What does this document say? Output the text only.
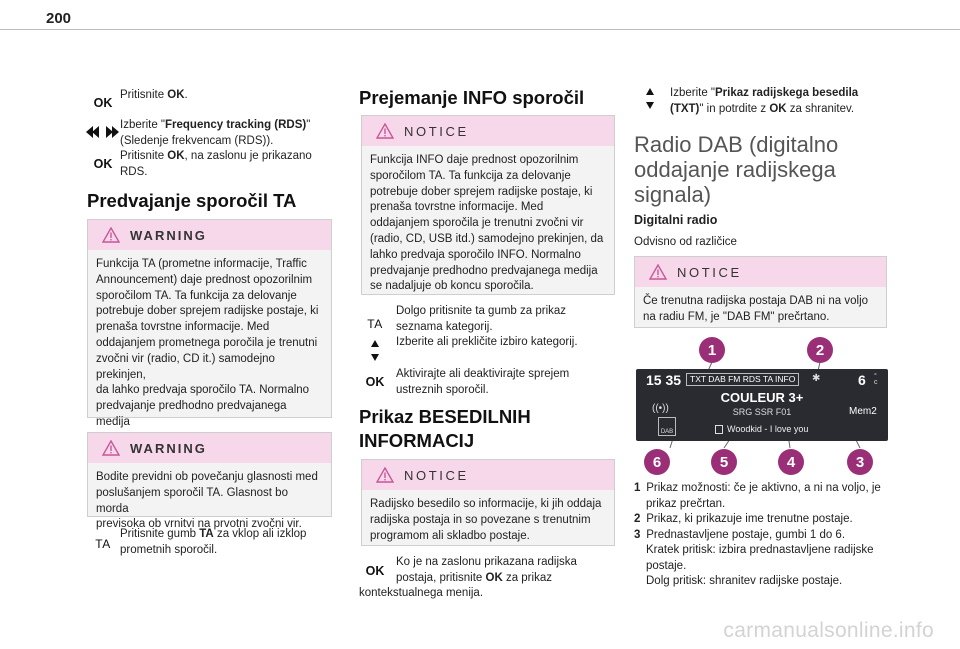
200
OK
Pritisnite OK.
Izberite "Frequency tracking (RDS)"
(Sledenje frekvencam (RDS)).
OK
Pritisnite OK, na zaslonu je prikazano
RDS.
Predvajanje sporočil TA
WARNING
Funkcija TA (prometne informacije, Traffic
Announcement) daje prednost opozorilnim
sporočilom TA. Ta funkcija za delovanje
potrebuje dober sprejem radijske postaje, ki
prenaša tovrstne informacije. Med
oddajanjem prometnega poročila je trenutni
zvočni vir (radio, CD it.) samodejno prekinjen,
da lahko predvaja sporočilo TA. Normalno
predvajanje predhodno predvajanega medija
WARNING
Bodite previdni ob povečanju glasnosti med
poslušanjem sporočil TA. Glasnost bo morda
previsoka ob vrnitvi na prvotni zvočni vir.
TA
Pritisnite gumb TA za vklop ali izklop
prometnih sporočil.
Prejemanje INFO sporočil
NOTICE
Funkcija INFO daje prednost opozorilnim
sporočilom TA. Ta funkcija za delovanje
potrebuje dober sprejem radijske postaje, ki
prenaša tovrstne informacije. Med
oddajanjem sporočila je trenutni zvočni vir
(radio, CD, USB itd.) samodejno prekinjen, da
lahko predvaja sporočilo INFO. Normalno
predvajanje predhodno predvajanega medija
se nadaljuje ob koncu sporočila.
TA
Dolgo pritisnite ta gumb za prikaz
seznama kategorij.
Izberite ali prekličite izbiro kategorij.
OK
Aktivirajte ali deaktivirajte sprejem
ustreznih sporočil.
Prikaz BESEDILNIH
INFORMACIJ
NOTICE
Radijsko besedilo so informacije, ki jih oddaja
radijska postaja in so povezane s trenutnim
programom ali skladbo postaje.
OK
Ko je na zaslonu prikazana radijska
postaja, pritisnite OK za prikaz
kontekstualnega menija.
Izberite "Prikaz radijskega besedila
(TXT)" in potrdite z OK za shranitev.
Radio DAB (digitalno
oddajanje radijskega
signala)
Digitalni radio
Odvisno od različice
NOTICE
Če trenutna radijska postaja DAB ni na voljo
na radiu FM, je "DAB FM" prečrtano.
1	2
15 35	TXT DAB FM RDS TA INFO	✱	6 °
c
COULEUR 3+
SRG SSR F01
((•))
DAB	Woodkid - I love you
Mem2
6	5	4	3
1 Prikaz možnosti: če je aktivno, a ni na voljo, je
prikaz prečrtan.
2 Prikaz, ki prikazuje ime trenutne postaje.
3 Prednastavljene postaje, gumbi 1 do 6.
Kratek pritisk: izbira prednastavljene radijske
postaje.
Dolg pritisk: shranitev radijske postaje.
carmanualsonline.info
